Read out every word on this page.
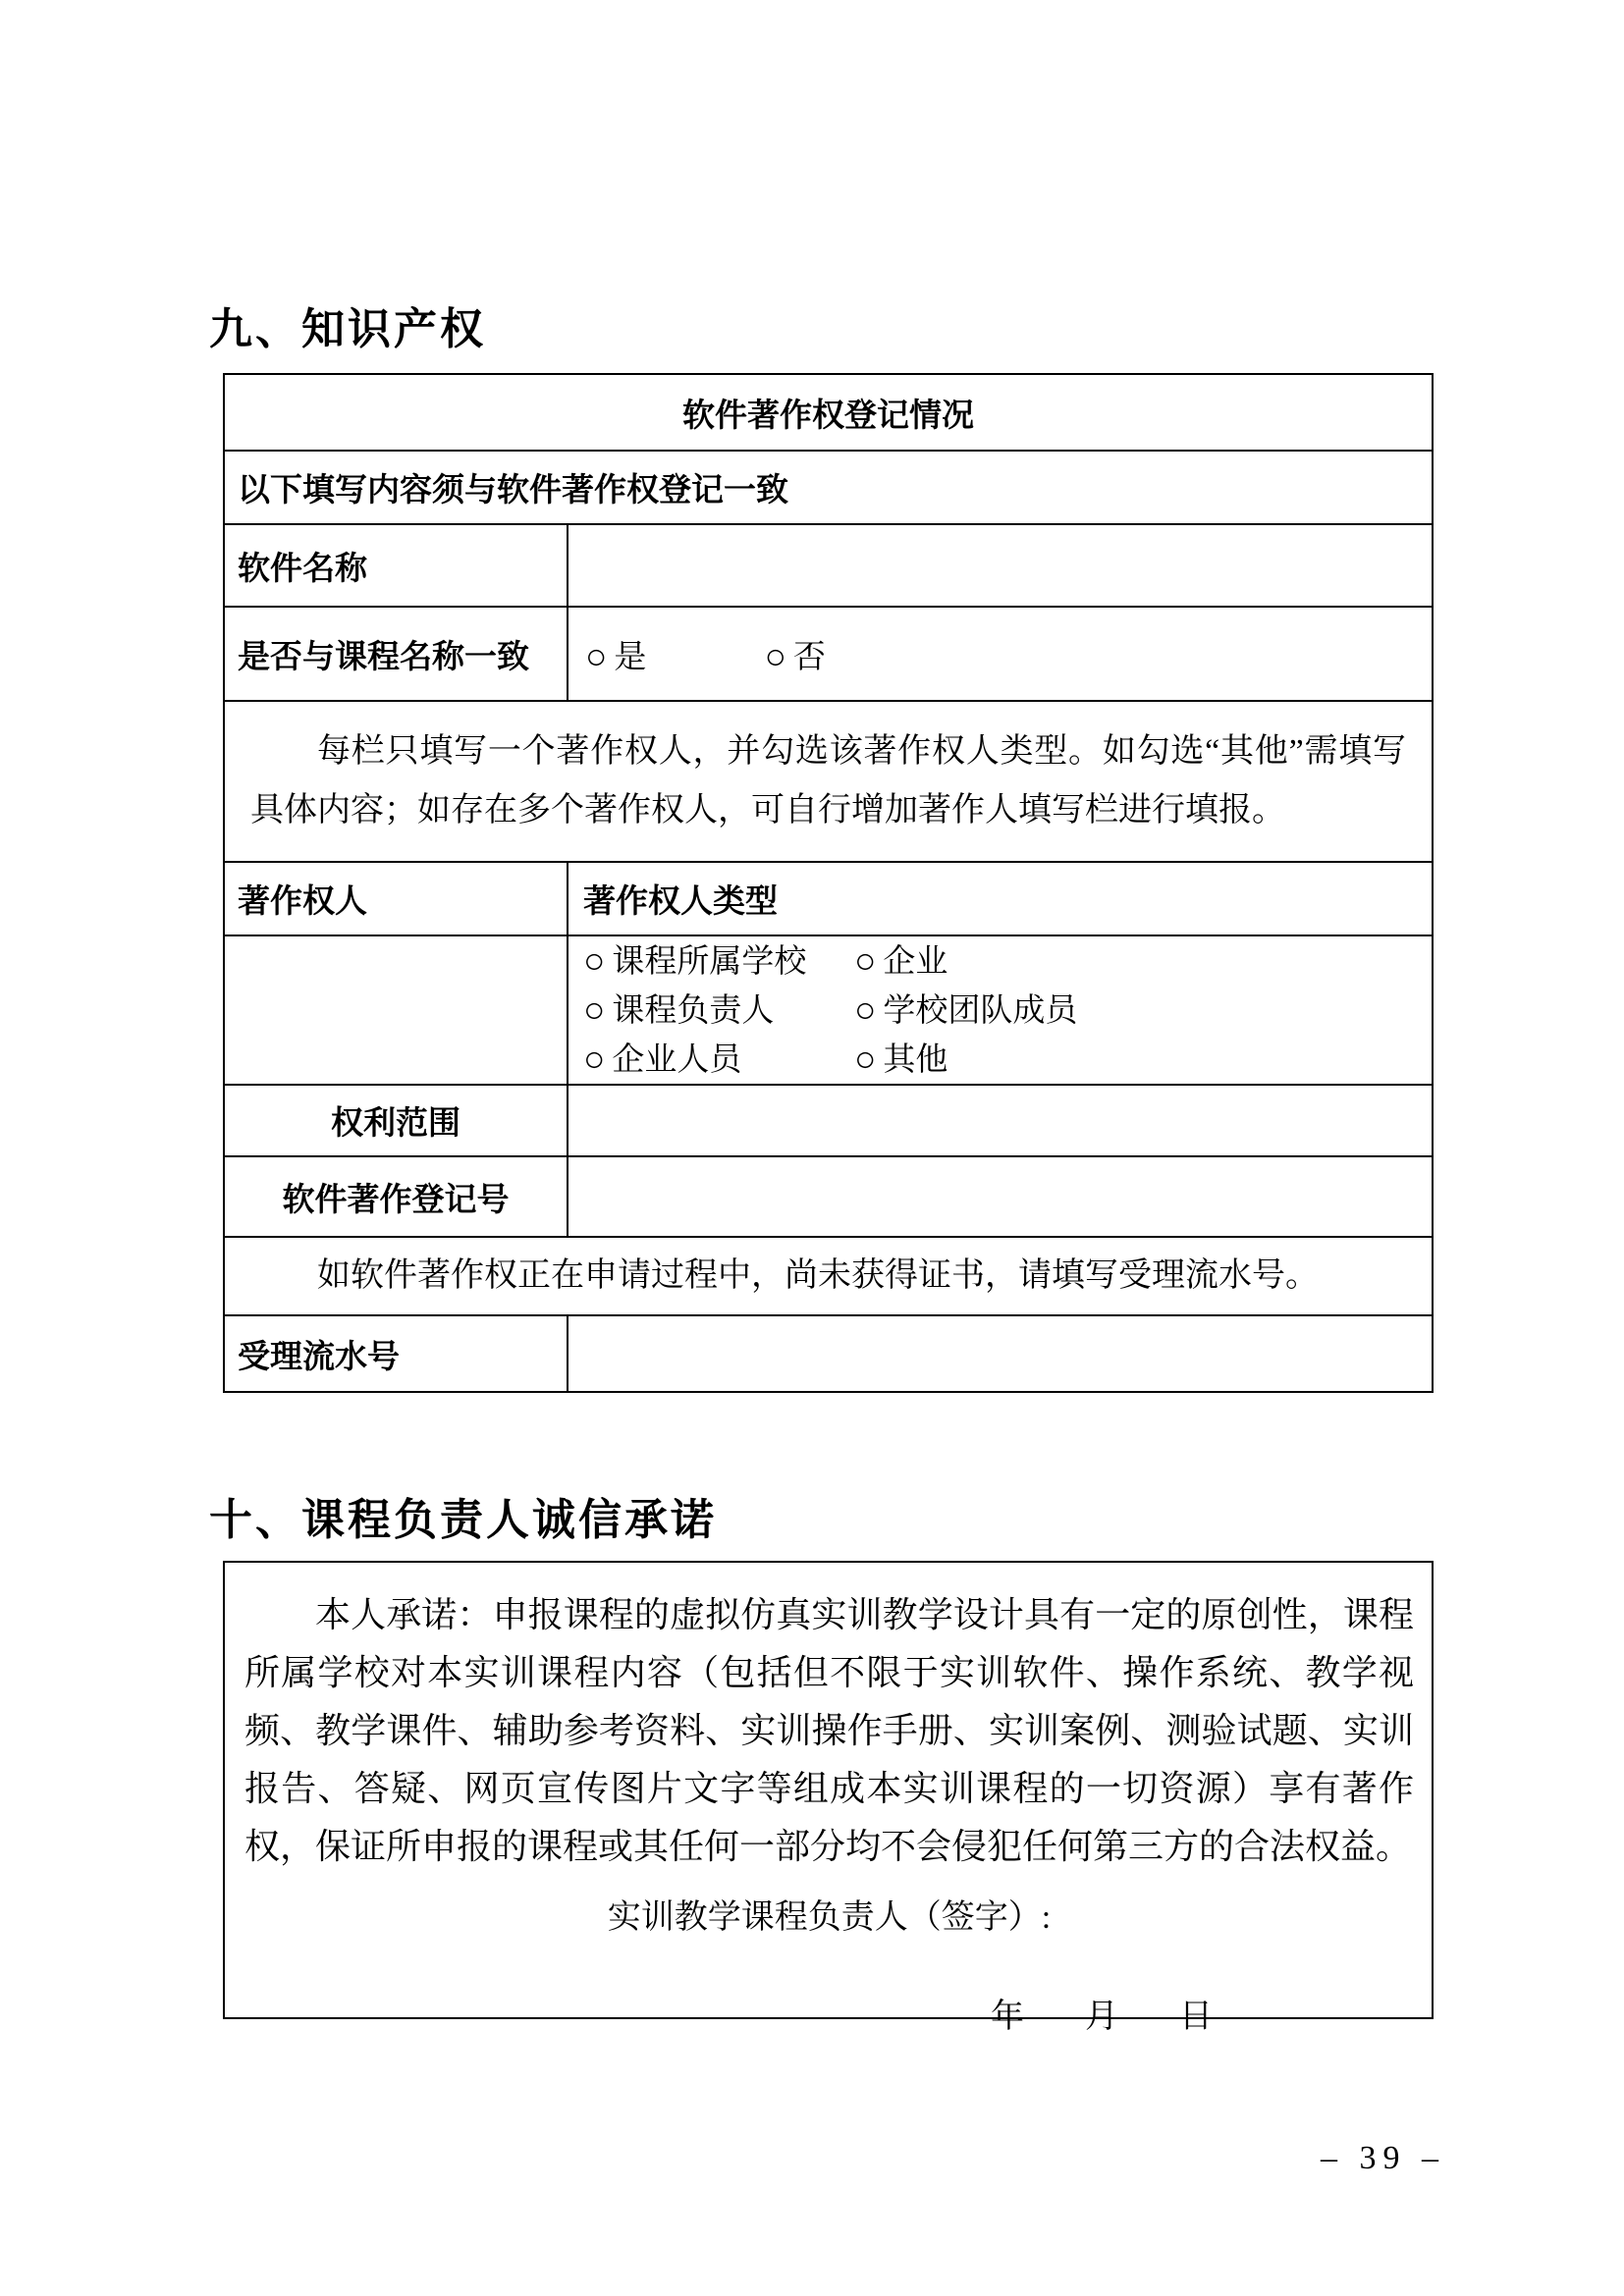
九、知识产权
软件著作权登记情况	
以下填写内容须与软件著作权登记一致	
软件名称	
是否与课程名称一致	○ 是 ○ 否
每栏只填写一个著作权人，并勾选该著作权人类型。如勾选“其他”需填写具体内容；如存在多个著作权人，可自行增加著作人填写栏进行填报。	
著作权人	著作权人类型

○ 课程所属学校	○ 企业
○ 课程负责人	○ 学校团队成员
○ 企业人员	○ 其他

权利范围	
软件著作登记号	
如软件著作权正在申请过程中，尚未获得证书，请填写受理流水号。	
受理流水号	
十、课程负责人诚信承诺

本人承诺：申报课程的虚拟仿真实训教学设计具有一定的原创性，课程所属学校对本实训课程内容（包括但不限于实训软件、操作系统、教学视频、教学课件、辅助参考资料、实训操作手册、实训案例、测验试题、实训报告、答疑、网页宣传图片文字等组成本实训课程的一切资源）享有著作权，保证所申报的课程或其任何一部分均不会侵犯任何第三方的合法权益。

实训教学课程负责人（签字）:
年 月 日
– 39 –
